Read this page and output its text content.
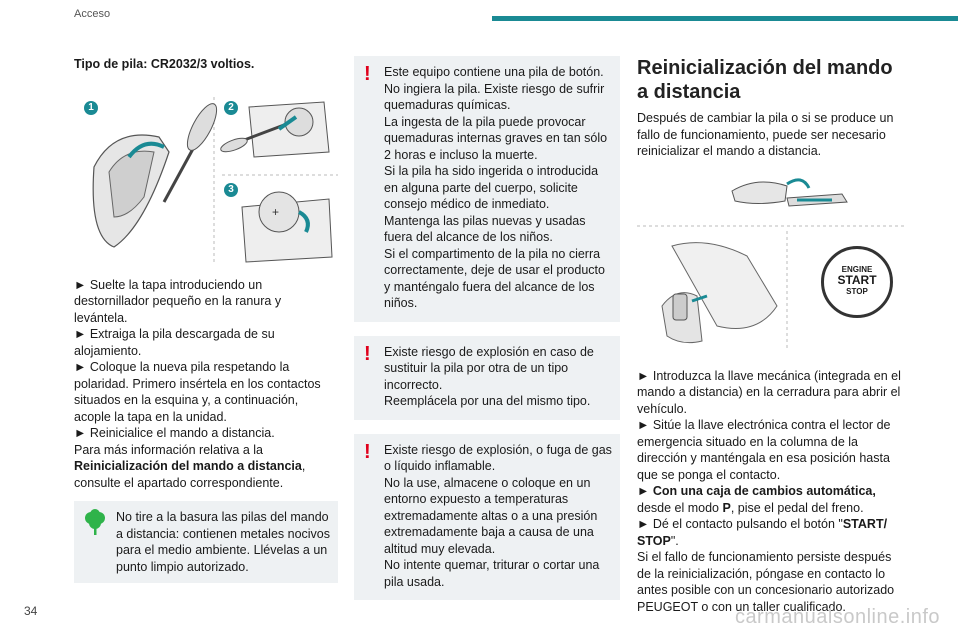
Acceso

Tipo de pila: CR2032/3 voltios.

+
1	2
3

► Suelte la tapa introduciendo un destornillador pequeño en la ranura y levántela.

► Extraiga la pila descargada de su alojamiento.

► Coloque la nueva pila respetando la polaridad. Primero insértela en los contactos situados en la esquina y, a continuación, acople la tapa en la unidad.

► Reinicialice el mando a distancia.

Para más información relativa a la
Reinicialización del mando a distancia, consulte el apartado correspondiente.

No tire a la basura las pilas del mando a distancia: contienen metales nocivos para el medio ambiente. Llévelas a un punto limpio autorizado.

!	Este equipo contiene una pila de botón. No ingiera la pila. Existe riesgo de sufrir quemaduras químicas.
La ingesta de la pila puede provocar quemaduras internas graves en tan sólo 2 horas e incluso la muerte.
Si la pila ha sido ingerida o introducida en alguna parte del cuerpo, solicite consejo médico de inmediato.
Mantenga las pilas nuevas y usadas fuera del alcance de los niños.
Si el compartimento de la pila no cierra correctamente, deje de usar el producto y manténgalo fuera del alcance de los niños.

!	Existe riesgo de explosión en caso de sustituir la pila por otra de un tipo incorrecto.
Reemplácela por una del mismo tipo.

!	Existe riesgo de explosión, o fuga de gas o líquido inflamable.
No la use, almacene o coloque en un entorno expuesto a temperaturas extremadamente altas o a una presión extremadamente baja a causa de una altitud muy elevada.
No intente quemar, triturar o cortar una pila usada.

Reinicialización del mando a distancia

Después de cambiar la pila o si se produce un fallo de funcionamiento, puede ser necesario reinicializar el mando a distancia.

ENGINE
START
STOP

► Introduzca la llave mecánica (integrada en el mando a distancia) en la cerradura para abrir el vehículo.

► Sitúe la llave electrónica contra el lector de emergencia situado en la columna de la dirección y manténgala en esa posición hasta que se ponga el contacto.

► Con una caja de cambios automática, desde el modo P, pise el pedal del freno.

► Dé el contacto pulsando el botón "START/ STOP".

Si el fallo de funcionamiento persiste después de la reinicialización, póngase en contacto lo antes posible con un concesionario autorizado PEUGEOT o con un taller cualificado.

34	carmanualsonline.info
